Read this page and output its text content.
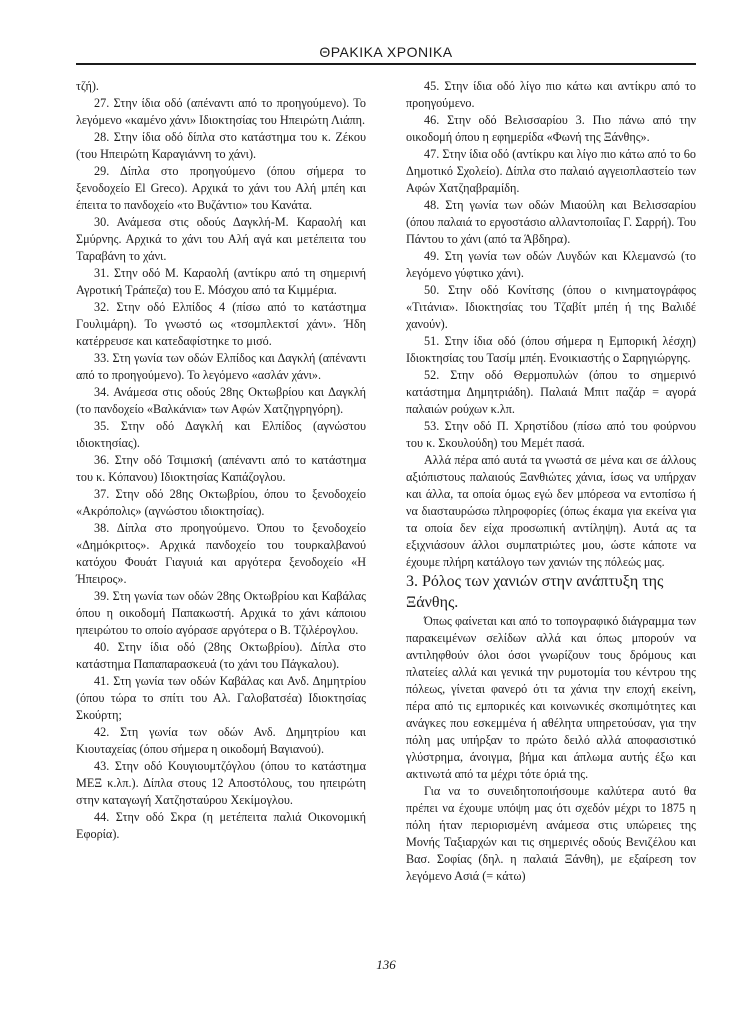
ΘΡΑΚΙΚΑ ΧΡΟΝΙΚΑ

τζή).

27. Στην ίδια οδό (απέναντι από το προηγούμενο). Το λεγόμενο «καμένο χάνι» Ιδιοκτησίας του Ηπειρώτη Λιάπη.

28. Στην ίδια οδό δίπλα στο κατάστημα του κ. Ζέκου (του Ηπειρώτη Καραγιάννη το χάνι).

29. Δίπλα στο προηγούμενο (όπου σήμερα το ξενοδοχείο El Greco). Αρχικά το χάνι του Αλή μπέη και έπειτα το πανδοχείο «το Βυζάντιο» του Κανάτα.

30. Ανάμεσα στις οδούς Δαγκλή-Μ. Καραολή και Σμύρνης. Αρχικά το χάνι του Αλή αγά και μετέπειτα του Ταραβάνη το χάνι.

31. Στην οδό Μ. Καραολή (αντίκρυ από τη σημερινή Αγροτική Τράπεζα) του Ε. Μόσχου από τα Κιμμέρια.

32. Στην οδό Ελπίδος 4 (πίσω από το κατάστημα Γουλιμάρη). Το γνωστό ως «τσομπλεκτσί χάνι». Ήδη κατέρρευσε και κατεδαφίστηκε το μισό.

33. Στη γωνία των οδών Ελπίδος και Δαγκλή (απέναντι από το προηγούμενο). Το λεγόμενο «ασλάν χάνι».

34. Ανάμεσα στις οδούς 28ης Οκτωβρίου και Δαγκλή (το πανδοχείο «Βαλκάνια» των Αφών Χατζηγρηγόρη).

35. Στην οδό Δαγκλή και Ελπίδος (αγνώστου ιδιοκτησίας).

36. Στην οδό Τσιμισκή (απέναντι από το κατάστημα του κ. Κόπανου) Ιδιοκτησίας Καπάζογλου.

37. Στην οδό 28ης Οκτωβρίου, όπου το ξενοδοχείο «Ακρόπολις» (αγνώστου ιδιοκτησίας).

38. Δίπλα στο προηγούμενο. Όπου το ξενοδοχείο «Δημόκριτος». Αρχικά πανδοχείο του τουρκαλβανού κατόχου Φουάτ Γιαγυιά και αργότερα ξενοδοχείο «Η Ήπειρος».

39. Στη γωνία των οδών 28ης Οκτωβρίου και Καβάλας όπου η οικοδομή Παπακωστή. Αρχικά το χάνι κάποιου ηπειρώτου το οποίο αγόρασε αργότερα ο Β. Τζιλέρογλου.

40. Στην ίδια οδό (28ης Οκτωβρίου). Δίπλα στο κατάστημα Παπαπαρασκευά (το χάνι του Πάγκαλου).

41. Στη γωνία των οδών Καβάλας και Ανδ. Δημητρίου (όπου τώρα το σπίτι του Αλ. Γαλοβατσέα) Ιδιοκτησίας Σκούρτη;

42. Στη γωνία των οδών Ανδ. Δημητρίου και Κιουταχείας (όπου σήμερα η οικοδομή Βαγιανού).

43. Στην οδό Κουγιουμτζόγλου (όπου το κατάστημα ΜΕΞ κ.λπ.). Δίπλα στους 12 Αποστόλους, του ηπειρώτη στην καταγωγή Χατζησταύρου Χεκίμογλου.

44. Στην οδό Σκρα (η μετέπειτα παλιά Οικονομική Εφορία).

45. Στην ίδια οδό λίγο πιο κάτω και αντίκρυ από το προηγούμενο.

46. Στην οδό Βελισσαρίου 3. Πιο πάνω από την οικοδομή όπου η εφημερίδα «Φωνή της Ξάνθης».

47. Στην ίδια οδό (αντίκρυ και λίγο πιο κάτω από το 6ο Δημοτικό Σχολείο). Δίπλα στο παλαιό αγγειοπλαστείο των Αφών Χατζηαβραμίδη.

48. Στη γωνία των οδών Μιαούλη και Βελισσαρίου (όπου παλαιά το εργοστάσιο αλλαντοποιΐας Γ. Σαρρή). Του Πάντου το χάνι (από τα Άβδηρα).

49. Στη γωνία των οδών Λυγδών και Κλεμανσώ (το λεγόμενο γύφτικο χάνι).

50. Στην οδό Κονίτσης (όπου ο κινηματογράφος «Τιτάνια». Ιδιοκτησίας του Τζαβίτ μπέη ή της Βαλιδέ χανούν).

51. Στην ίδια οδό (όπου σήμερα η Εμπορική λέσχη) Ιδιοκτησίας του Τασίμ μπέη. Ενοικιαστής ο Σαρηγιώργης.

52. Στην οδό Θερμοπυλών (όπου το σημερινό κατάστημα Δημητριάδη). Παλαιά Μπιτ παζάρ = αγορά παλαιών ρούχων κ.λπ.

53. Στην οδό Π. Χρηστίδου (πίσω από του φούρνου του κ. Σκουλούδη) του Μεμέτ πασά.

Αλλά πέρα από αυτά τα γνωστά σε μένα και σε άλλους αξιόπιστους παλαιούς Ξανθιώτες χάνια, ίσως να υπήρχαν και άλλα, τα οποία όμως εγώ δεν μπόρεσα να εντοπίσω ή να διασταυρώσω πληροφορίες (όπως έκαμα για εκείνα για τα οποία δεν είχα προσωπική αντίληψη). Αυτά ας τα εξιχνιάσουν άλλοι συμπατριώτες μου, ώστε κάποτε να έχουμε πλήρη κατάλογο των χανιών της πόλεώς μας.

3. Ρόλος των χανιών στην ανάπτυξη της Ξάνθης.

Όπως φαίνεται και από το τοπογραφικό διάγραμμα των παρακειμένων σελίδων αλλά και όπως μπορούν να αντιληφθούν όλοι όσοι γνωρίζουν τους δρόμους και πλατείες αλλά και γενικά την ρυμοτομία του κέντρου της πόλεως, γίνεται φανερό ότι τα χάνια την εποχή εκείνη, πέρα από τις εμπορικές και κοινωνικές σκοπιμότητες και ανάγκες που εσκεμμένα ή αθέλητα υπηρετούσαν, για την πόλη μας υπήρξαν το πρώτο δειλό αλλά αποφασιστικό γλύστρημα, άνοιγμα, βήμα και άπλωμα αυτής έξω και ακτινωτά από τα μέχρι τότε όριά της.

Για να το συνειδητοποιήσουμε καλύτερα αυτό θα πρέπει να έχουμε υπόψη μας ότι σχεδόν μέχρι το 1875 η πόλη ήταν περιορισμένη ανάμεσα στις υπώρειες της Μονής Ταξιαρχών και τις σημερινές οδούς Βενιζέλου και Βασ. Σοφίας (δηλ. η παλαιά Ξάνθη), με εξαίρεση τον λεγόμενο Ασιά (= κάτω)

136
